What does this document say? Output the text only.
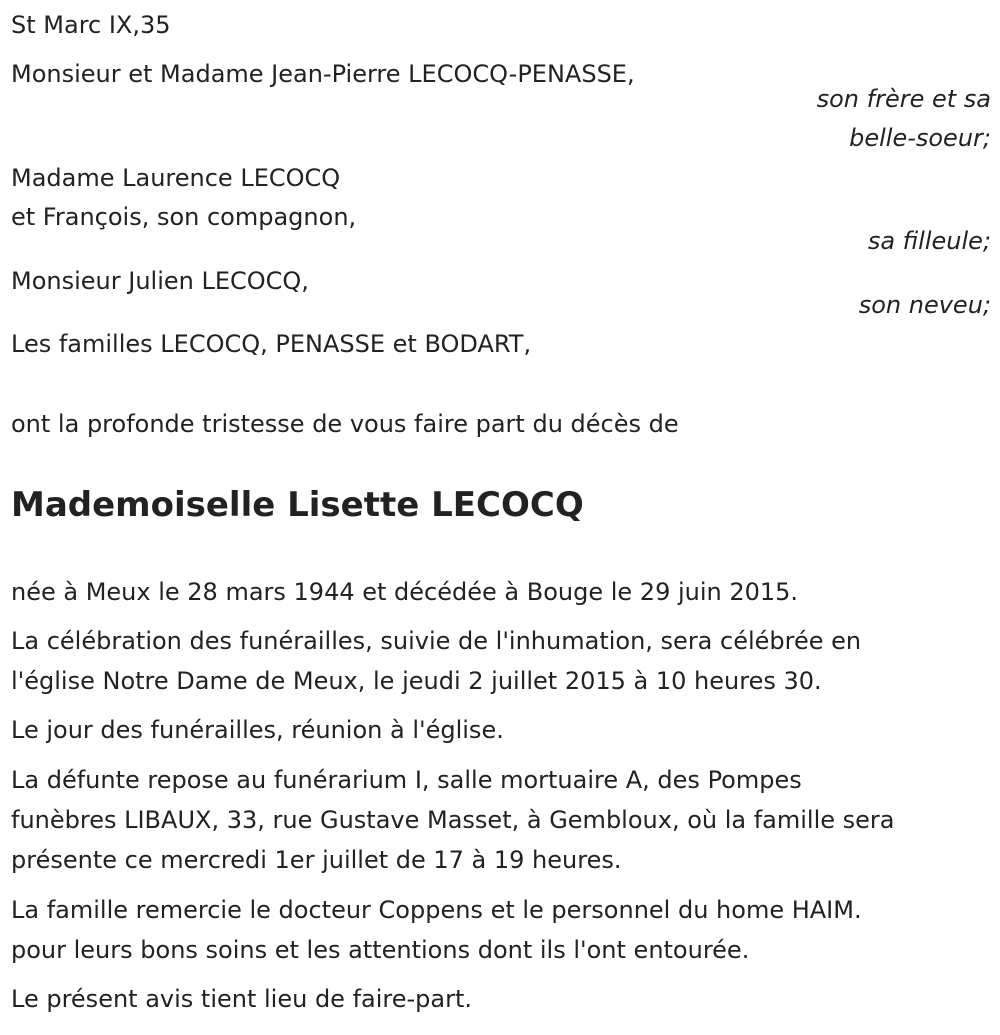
St Marc IX,35
Monsieur et Madame Jean-Pierre LECOCQ-PENASSE,
son frère et sa
belle-soeur;
Madame Laurence LECOCQ
et François, son compagnon,
sa filleule;
Monsieur Julien LECOCQ,
son neveu;
Les familles LECOCQ, PENASSE et BODART,
ont la profonde tristesse de vous faire part du décès de
Mademoiselle Lisette LECOCQ
née à Meux le 28 mars 1944 et décédée à Bouge le 29 juin 2015.
La célébration des funérailles, suivie de l'inhumation, sera célébrée en
l'église Notre Dame de Meux, le jeudi 2 juillet 2015 à 10 heures 30.
Le jour des funérailles, réunion à l'église.
La défunte repose au funérarium I, salle mortuaire A, des Pompes
funèbres LIBAUX, 33, rue Gustave Masset, à Gembloux, où la famille sera
présente ce mercredi 1er juillet de 17 à 19 heures.
La famille remercie le docteur Coppens et le personnel du home HAIM.
pour leurs bons soins et les attentions dont ils l'ont entourée.
Le présent avis tient lieu de faire-part.
